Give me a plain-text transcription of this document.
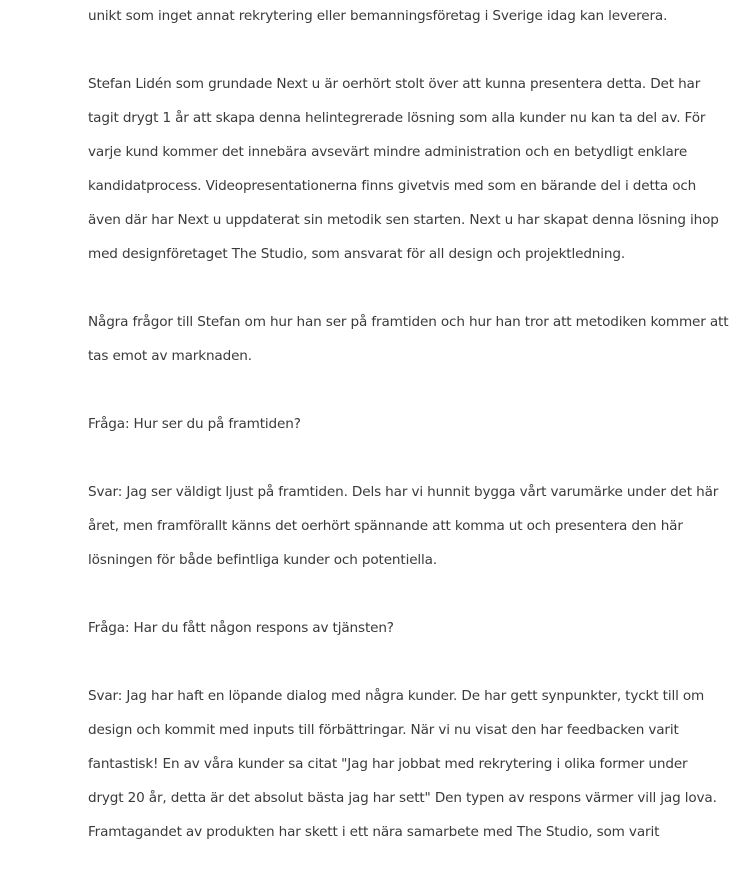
unikt som inget annat rekrytering eller bemanningsföretag i Sverige idag kan leverera.

Stefan Lidén som grundade Next u är oerhört stolt över att kunna presentera detta. Det har

tagit drygt 1 år att skapa denna helintegrerade lösning som alla kunder nu kan ta del av. För

varje kund kommer det innebära avsevärt mindre administration och en betydligt enklare

kandidatprocess. Videopresentationerna finns givetvis med som en bärande del i detta och

även där har Next u uppdaterat sin metodik sen starten. Next u har skapat denna lösning ihop

med designföretaget The Studio, som ansvarat för all design och projektledning.

Några frågor till Stefan om hur han ser på framtiden och hur han tror att metodiken kommer att

tas emot av marknaden.

Fråga: Hur ser du på framtiden?

Svar: Jag ser väldigt ljust på framtiden. Dels har vi hunnit bygga vårt varumärke under det här

året, men framförallt känns det oerhört spännande att komma ut och presentera den här

lösningen för både befintliga kunder och potentiella.

Fråga: Har du fått någon respons av tjänsten?

Svar: Jag har haft en löpande dialog med några kunder. De har gett synpunkter, tyckt till om

design och kommit med inputs till förbättringar. När vi nu visat den har feedbacken varit

fantastisk! En av våra kunder sa citat "Jag har jobbat med rekrytering i olika former under

drygt 20 år, detta är det absolut bästa jag har sett" Den typen av respons värmer vill jag lova.

Framtagandet av produkten har skett i ett nära samarbete med The Studio, som varit
